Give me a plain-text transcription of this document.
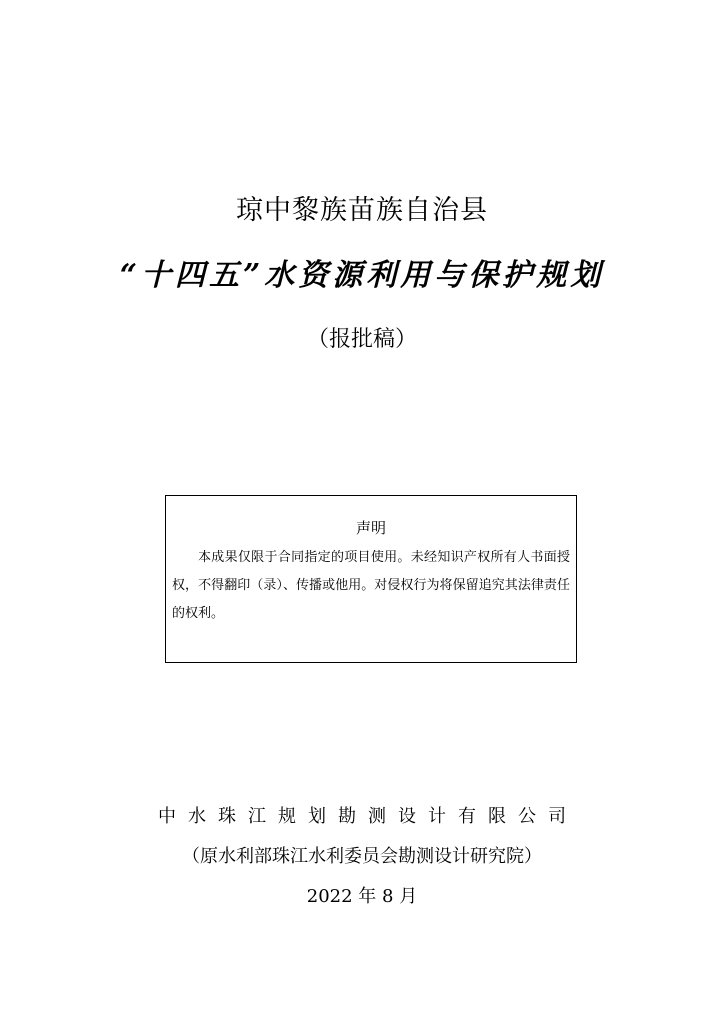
琼中黎族苗族自治县
“十四五”水资源利用与保护规划
（报批稿）
声明

本成果仅限于合同指定的项目使用。未经知识产权所有人书面授权，不得翻印（录）、传播或他用。对侵权行为将保留追究其法律责任的权利。

中水珠江规划勘测设计有限公司
（原水利部珠江水利委员会勘测设计研究院）
2022 年 8 月
